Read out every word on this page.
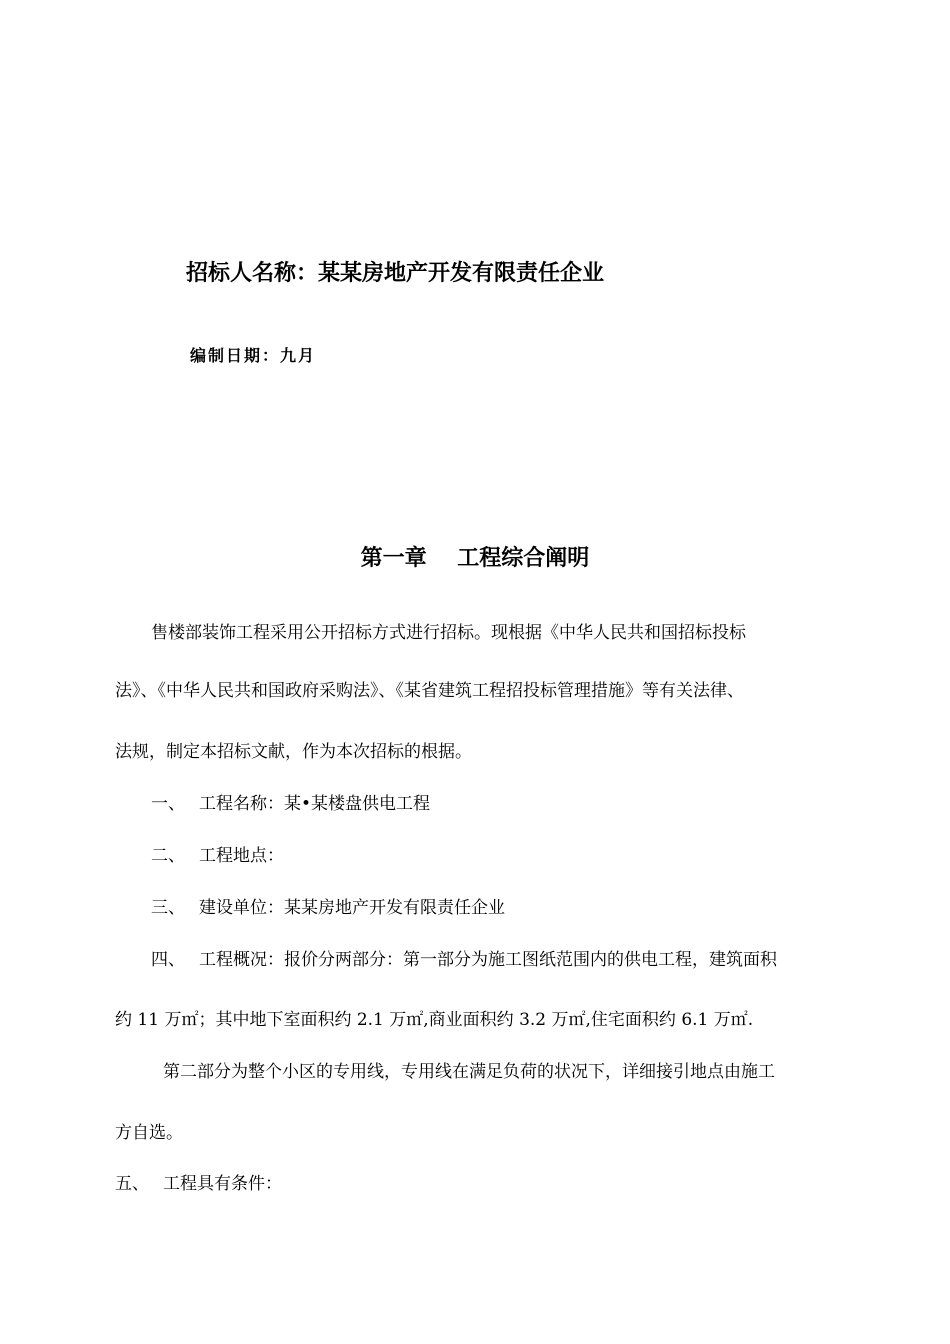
招标人名称：某某房地产开发有限责任企业
编制日期：九月
第一章    工程综合阐明
售楼部装饰工程采用公开招标方式进行招标。现根据《中华人民共和国招标投标
法》、《中华人民共和国政府采购法》、《某省建筑工程招投标管理措施》等有关法律、
法规，制定本招标文献，作为本次招标的根据。
一、 工程名称：某•某楼盘供电工程
二、 工程地点：
三、 建设单位：某某房地产开发有限责任企业
四、 工程概况：报价分两部分：第一部分为施工图纸范围内的供电工程，建筑面积
约 11 万㎡；其中地下室面积约 2.1 万㎡,商业面积约 3.2 万㎡,住宅面积约 6.1 万㎡.
第二部分为整个小区的专用线，专用线在满足负荷的状况下，详细接引地点由施工
方自选。
五、 工程具有条件：
